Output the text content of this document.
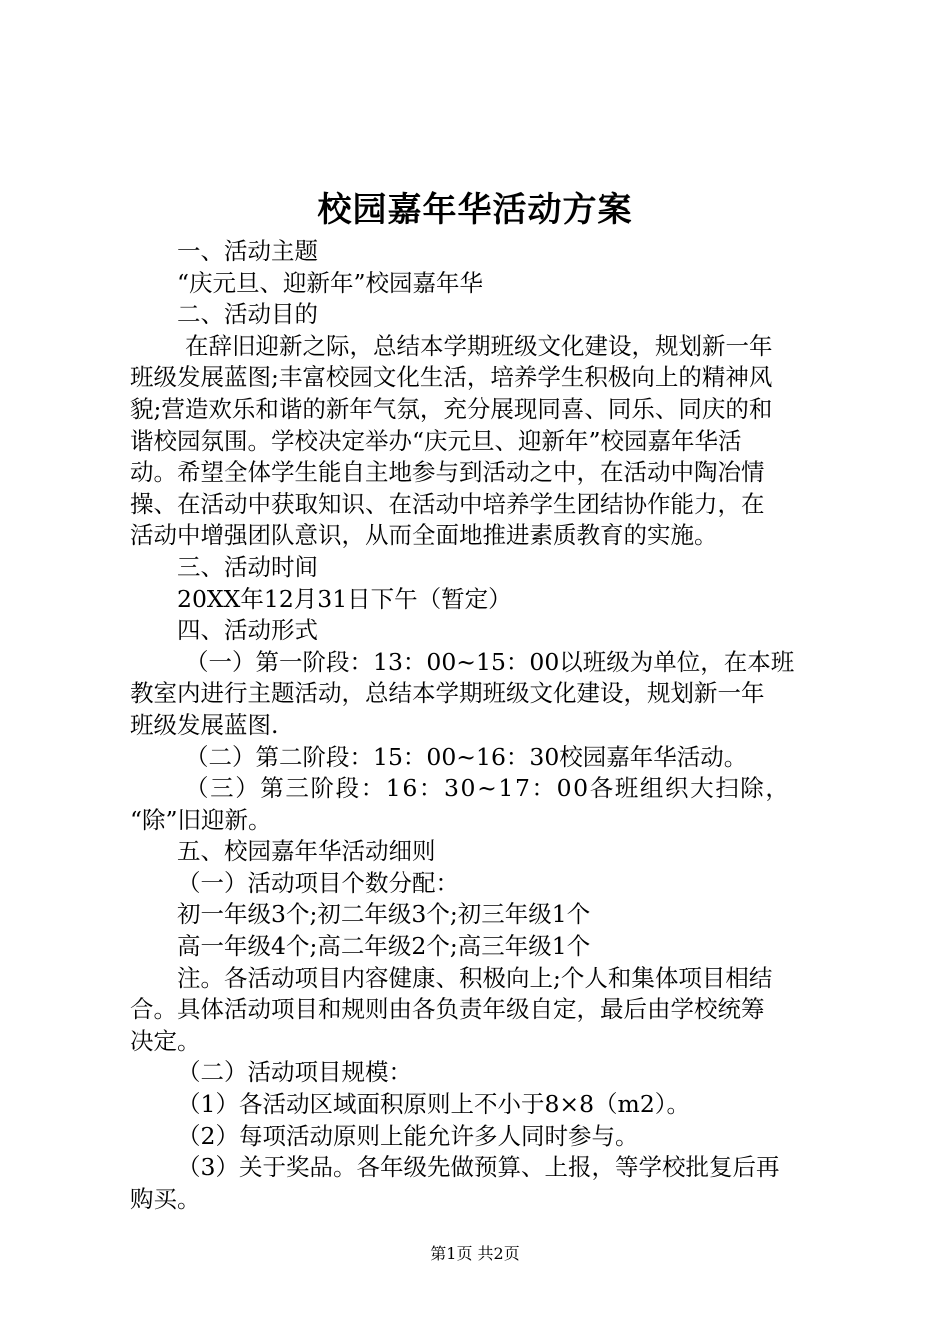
校园嘉年华活动方案

一、活动主题

“庆元旦、迎新年”校园嘉年华

二、活动目的

在辞旧迎新之际，总结本学期班级文化建设，规划新一年

班级发展蓝图;丰富校园文化生活，培养学生积极向上的精神风

貌;营造欢乐和谐的新年气氛，充分展现同喜、同乐、同庆的和

谐校园氛围。学校决定举办“庆元旦、迎新年”校园嘉年华活

动。希望全体学生能自主地参与到活动之中，在活动中陶冶情

操、在活动中获取知识、在活动中培养学生团结协作能力，在

活动中增强团队意识，从而全面地推进素质教育的实施。

三、活动时间

20XX年12月31日下午（暂定）

四、活动形式

（一）第一阶段：13：00~15：00以班级为单位，在本班

教室内进行主题活动，总结本学期班级文化建设，规划新一年

班级发展蓝图.

（二）第二阶段：15：00~16：30校园嘉年华活动。

（三）第三阶段：16：30~17：00各班组织大扫除，

“除”旧迎新。

五、校园嘉年华活动细则

（一）活动项目个数分配：

初一年级3个;初二年级3个;初三年级1个

高一年级4个;高二年级2个;高三年级1个

注。各活动项目内容健康、积极向上;个人和集体项目相结

合。具体活动项目和规则由各负责年级自定，最后由学校统筹

决定。

（二）活动项目规模：

（1）各活动区域面积原则上不小于8×8（m2）。

（2）每项活动原则上能允许多人同时参与。

（3）关于奖品。各年级先做预算、上报，等学校批复后再

购买。

第1页 共2页
